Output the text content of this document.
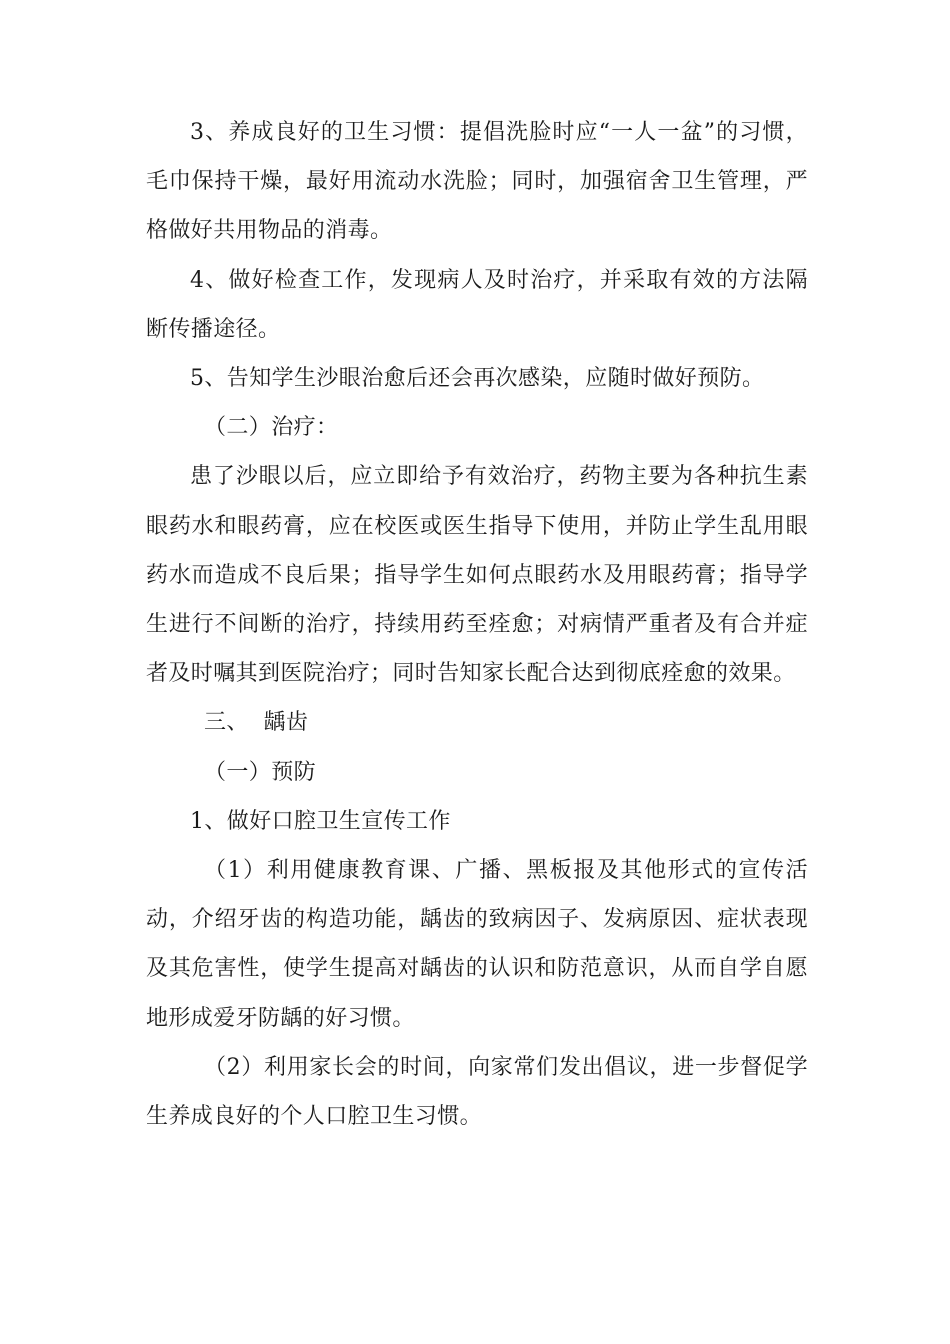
3、养成良好的卫生习惯：提倡洗脸时应“一人一盆”的习惯，毛巾保持干燥，最好用流动水洗脸；同时，加强宿舍卫生管理，严格做好共用物品的消毒。

4、做好检查工作，发现病人及时治疗，并采取有效的方法隔断传播途径。

5、告知学生沙眼治愈后还会再次感染，应随时做好预防。

（二）治疗：

患了沙眼以后，应立即给予有效治疗，药物主要为各种抗生素眼药水和眼药膏，应在校医或医生指导下使用，并防止学生乱用眼药水而造成不良后果；指导学生如何点眼药水及用眼药膏；指导学生进行不间断的治疗，持续用药至痊愈；对病情严重者及有合并症者及时嘱其到医院治疗；同时告知家长配合达到彻底痊愈的效果。

三、  龋齿

（一）预防

1、做好口腔卫生宣传工作

（1）利用健康教育课、广播、黑板报及其他形式的宣传活动，介绍牙齿的构造功能，龋齿的致病因子、发病原因、症状表现及其危害性，使学生提高对龋齿的认识和防范意识，从而自学自愿地形成爱牙防龋的好习惯。

（2）利用家长会的时间，向家常们发出倡议，进一步督促学生养成良好的个人口腔卫生习惯。
